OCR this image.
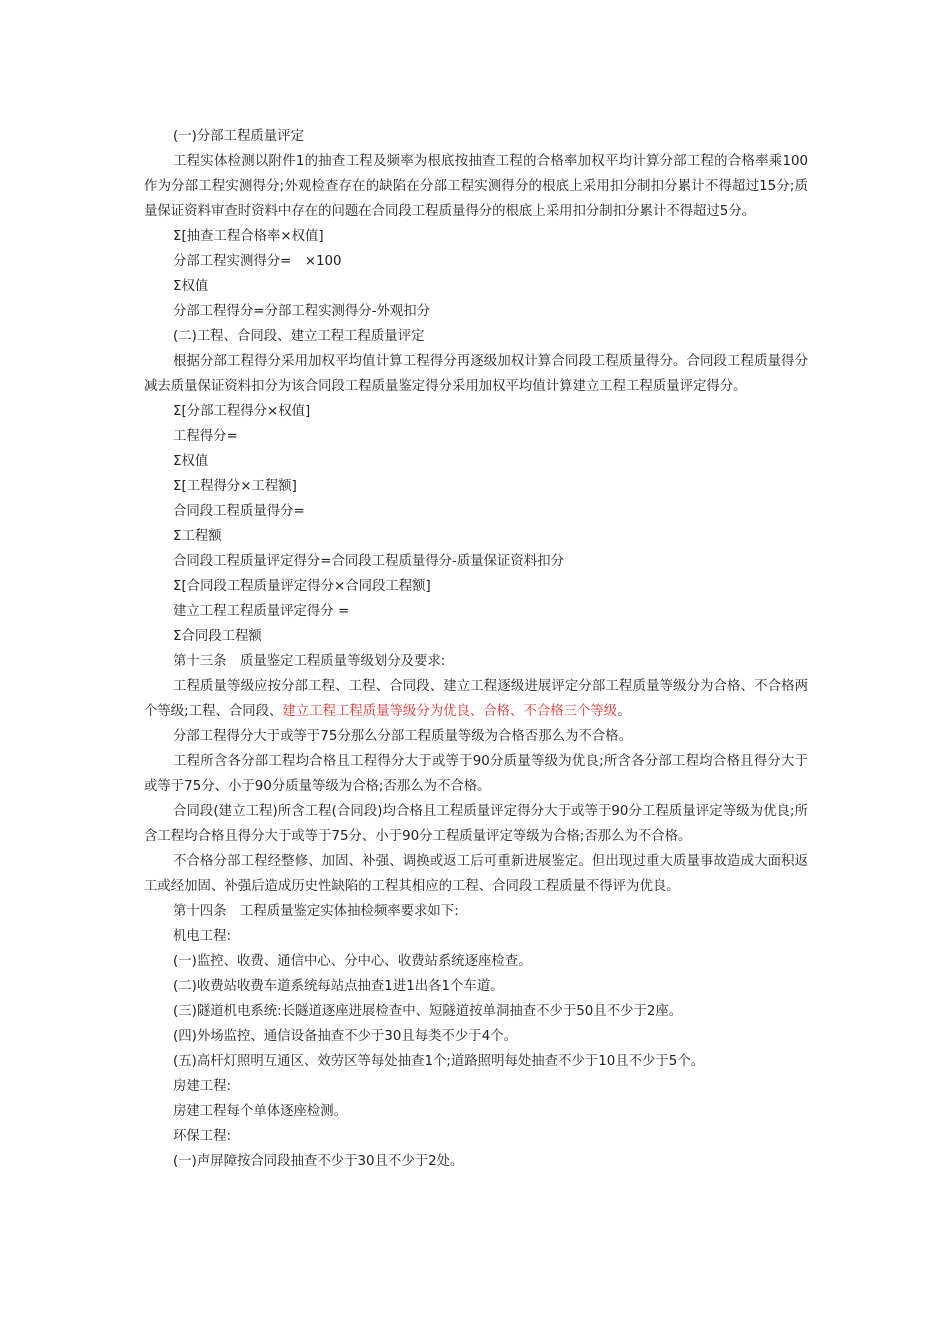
(一)分部工程质量评定
工程实体检测以附件1的抽查工程及频率为根底按抽查工程的合格率加权平均计算分部工程的合格率乘100作为分部工程实测得分;外观检查存在的缺陷在分部工程实测得分的根底上采用扣分制扣分累计不得超过15分;质量保证资料审查时资料中存在的问题在合同段工程质量得分的根底上采用扣分制扣分累计不得超过5分。
Σ[抽查工程合格率×权值]
分部工程实测得分=　×100
Σ权值
分部工程得分=分部工程实测得分-外观扣分
(二)工程、合同段、建立工程工程质量评定
根据分部工程得分采用加权平均值计算工程得分再逐级加权计算合同段工程质量得分。合同段工程质量得分减去质量保证资料扣分为该合同段工程质量鉴定得分采用加权平均值计算建立工程工程质量评定得分。
Σ[分部工程得分×权值]
工程得分=
Σ权值
Σ[工程得分×工程额]
合同段工程质量得分=
Σ工程额
合同段工程质量评定得分=合同段工程质量得分-质量保证资料扣分
Σ[合同段工程质量评定得分×合同段工程额]
建立工程工程质量评定得分 =
Σ合同段工程额
第十三条　质量鉴定工程质量等级划分及要求:
工程质量等级应按分部工程、工程、合同段、建立工程逐级进展评定分部工程质量等级分为合格、不合格两个等级;工程、合同段、建立工程工程质量等级分为优良、合格、不合格三个等级。
分部工程得分大于或等于75分那么分部工程质量等级为合格否那么为不合格。
工程所含各分部工程均合格且工程得分大于或等于90分质量等级为优良;所含各分部工程均合格且得分大于或等于75分、小于90分质量等级为合格;否那么为不合格。
合同段(建立工程)所含工程(合同段)均合格且工程质量评定得分大于或等于90分工程质量评定等级为优良;所含工程均合格且得分大于或等于75分、小于90分工程质量评定等级为合格;否那么为不合格。
不合格分部工程经整修、加固、补强、调换或返工后可重新进展鉴定。但出现过重大质量事故造成大面积返工或经加固、补强后造成历史性缺陷的工程其相应的工程、合同段工程质量不得评为优良。
第十四条　工程质量鉴定实体抽检频率要求如下:
机电工程:
(一)监控、收费、通信中心、分中心、收费站系统逐座检查。
(二)收费站收费车道系统每站点抽查1进1出各1个车道。
(三)隧道机电系统:长隧道逐座进展检查中、短隧道按单洞抽查不少于50且不少于2座。
(四)外场监控、通信设备抽查不少于30且每类不少于4个。
(五)高杆灯照明互通区、效劳区等每处抽查1个;道路照明每处抽查不少于10且不少于5个。
房建工程:
房建工程每个单体逐座检测。
环保工程:
(一)声屏障按合同段抽查不少于30且不少于2处。
